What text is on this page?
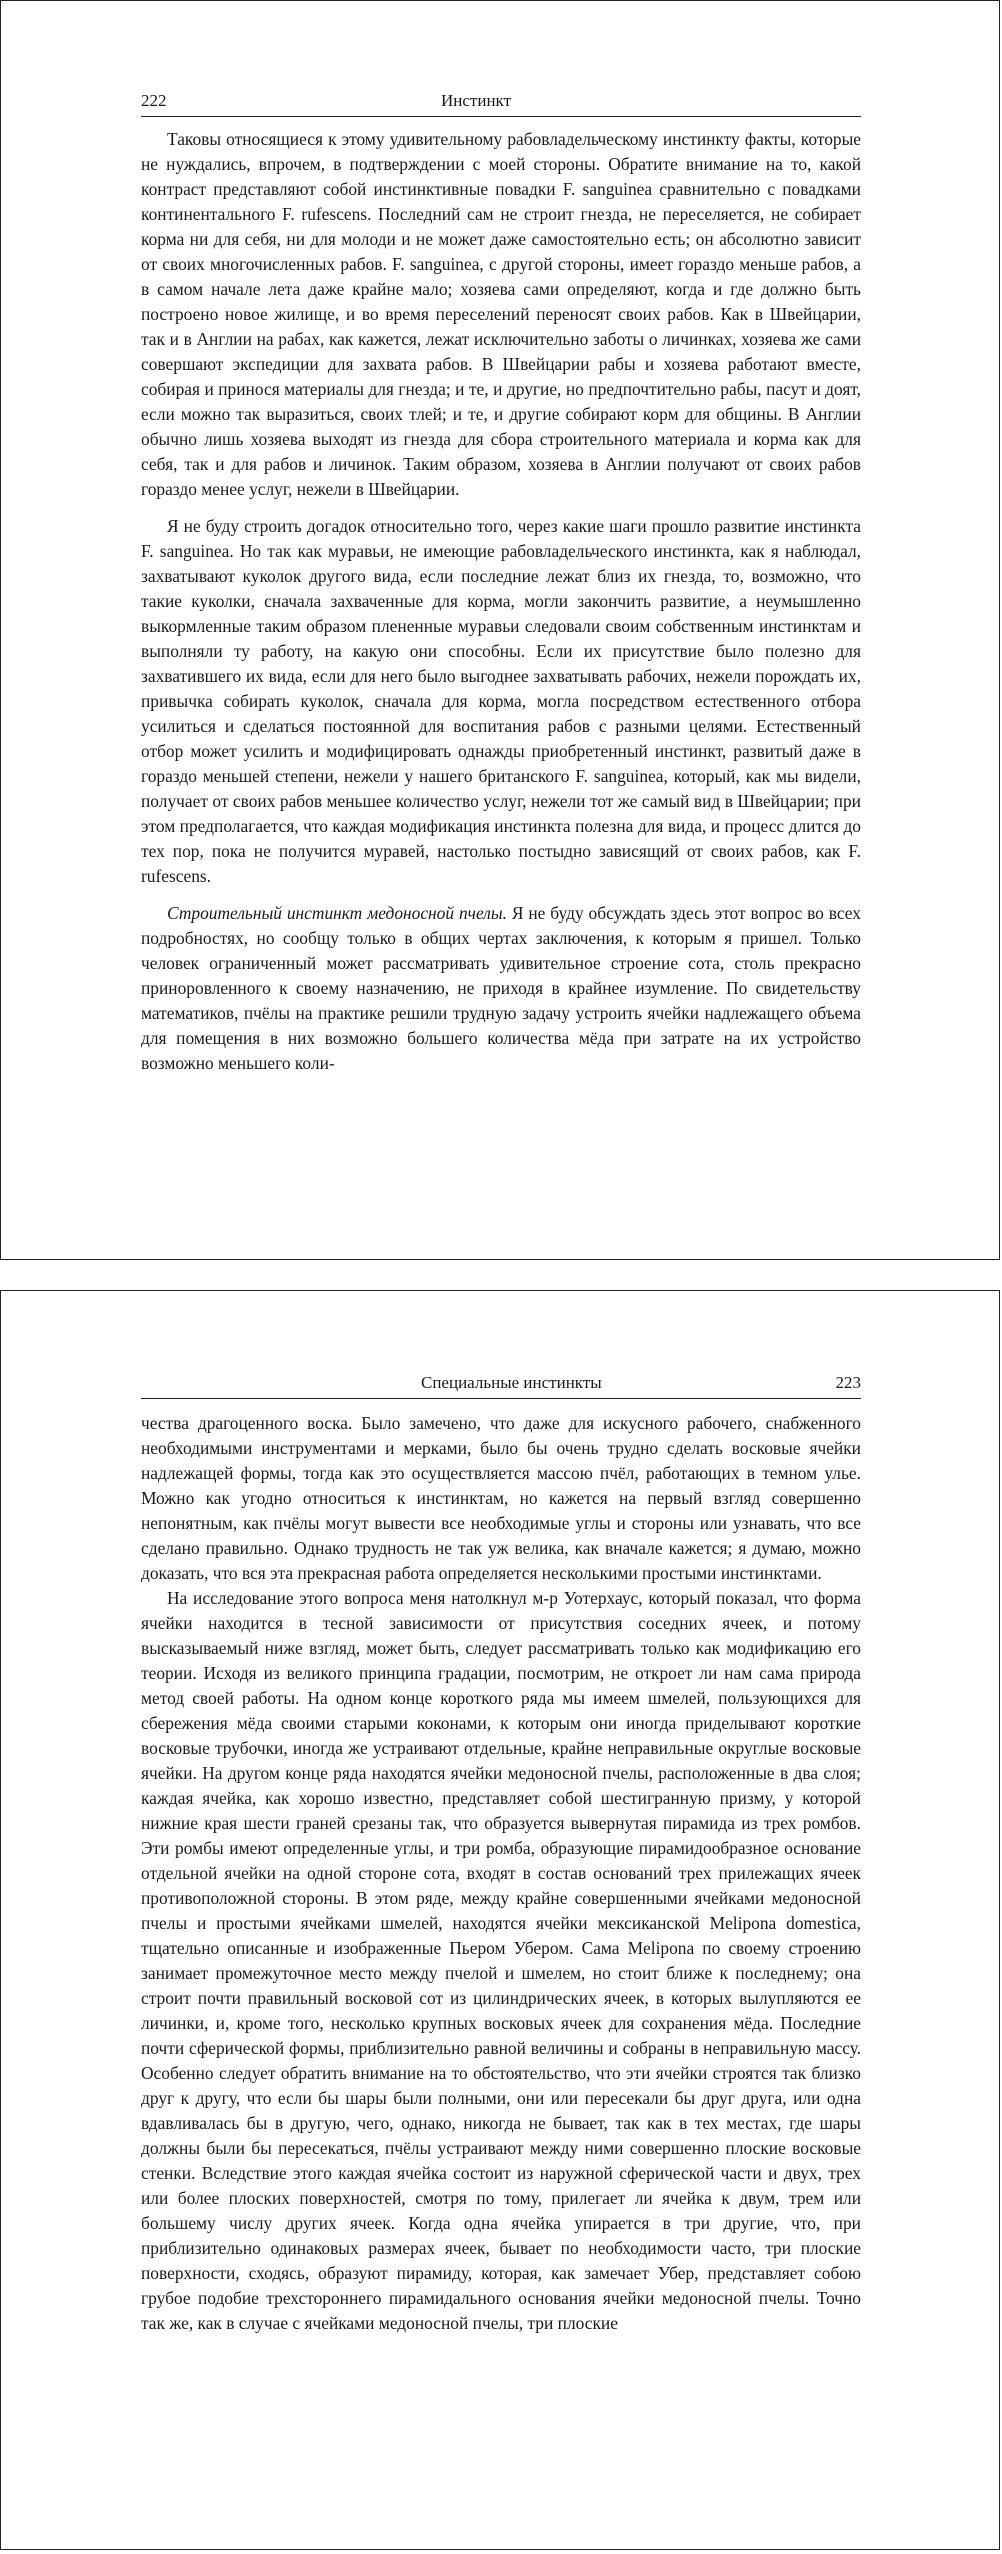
222	Инстинкт

Таковы относящиеся к этому удивительному рабовладельческому инстинкту факты, которые не нуждались, впрочем, в подтверждении с моей стороны. Обратите внимание на то, какой контраст представляют собой инстинктивные повадки F. sanguinea сравнительно с повадками континентального F. rufescens. Последний сам не строит гнезда, не переселяется, не собирает корма ни для себя, ни для молоди и не может даже самостоятельно есть; он абсолютно зависит от своих многочисленных рабов. F. sanguinea, с другой стороны, имеет гораздо меньше рабов, а в самом начале лета даже крайне мало; хозяева сами определяют, когда и где должно быть построено новое жилище, и во время переселений переносят своих рабов. Как в Швейцарии, так и в Англии на рабах, как кажется, лежат исключительно заботы о личинках, хозяева же сами совершают экспедиции для захвата рабов. В Швейцарии рабы и хозяева работают вместе, собирая и принося материалы для гнезда; и те, и другие, но предпочтительно рабы, пасут и доят, если можно так выразиться, своих тлей; и те, и другие собирают корм для общины. В Англии обычно лишь хозяева выходят из гнезда для сбора строительного материала и корма как для себя, так и для рабов и личинок. Таким образом, хозяева в Англии получают от своих рабов гораздо менее услуг, нежели в Швейцарии.

Я не буду строить догадок относительно того, через какие шаги прошло развитие инстинкта F. sanguinea. Но так как муравьи, не имеющие рабовладельческого инстинкта, как я наблюдал, захватывают куколок другого вида, если последние лежат близ их гнезда, то, возможно, что такие куколки, сначала захваченные для корма, могли закончить развитие, а неумышленно выкормленные таким образом плененные муравьи следовали своим собственным инстинктам и выполняли ту работу, на какую они способны. Если их присутствие было полезно для захватившего их вида, если для него было выгоднее захватывать рабочих, нежели порождать их, привычка собирать куколок, сначала для корма, могла посредством естественного отбора усилиться и сделаться постоянной для воспитания рабов с разными целями. Естественный отбор может усилить и модифицировать однажды приобретенный инстинкт, развитый даже в гораздо меньшей степени, нежели у нашего британского F. sanguinea, который, как мы видели, получает от своих рабов меньшее количество услуг, нежели тот же самый вид в Швейцарии; при этом предполагается, что каждая модификация инстинкта полезна для вида, и процесс длится до тех пор, пока не получится муравей, настолько постыдно зависящий от своих рабов, как F. rufescens.

Строительный инстинкт медоносной пчелы. Я не буду обсуждать здесь этот вопрос во всех подробностях, но сообщу только в общих чертах заключения, к которым я пришел. Только человек ограниченный может рассматривать удивительное строение сота, столь прекрасно приноровленного к своему назначению, не приходя в крайнее изумление. По свидетельству математиков, пчёлы на практике решили трудную задачу устроить ячейки надлежащего объема для помещения в них возможно большего количества мёда при затрате на их устройство возможно меньшего коли-

Специальные инстинкты	223

чества драгоценного воска. Было замечено, что даже для искусного рабочего, снабженного необходимыми инструментами и мерками, было бы очень трудно сделать восковые ячейки надлежащей формы, тогда как это осуществляется массою пчёл, работающих в темном улье. Можно как угодно относиться к инстинктам, но кажется на первый взгляд совершенно непонятным, как пчёлы могут вывести все необходимые углы и стороны или узнавать, что все сделано правильно. Однако трудность не так уж велика, как вначале кажется; я думаю, можно доказать, что вся эта прекрасная работа определяется несколькими простыми инстинктами.

На исследование этого вопроса меня натолкнул м-р Уотерхаус, который показал, что форма ячейки находится в тесной зависимости от присутствия соседних ячеек, и потому высказываемый ниже взгляд, может быть, следует рассматривать только как модификацию его теории. Исходя из великого принципа градации, посмотрим, не откроет ли нам сама природа метод своей работы. На одном конце короткого ряда мы имеем шмелей, пользующихся для сбережения мёда своими старыми коконами, к которым они иногда приделывают короткие восковые трубочки, иногда же устраивают отдельные, крайне неправильные округлые восковые ячейки. На другом конце ряда находятся ячейки медоносной пчелы, расположенные в два слоя; каждая ячейка, как хорошо известно, представляет собой шестигранную призму, у которой нижние края шести граней срезаны так, что образуется вывернутая пирамида из трех ромбов. Эти ромбы имеют определенные углы, и три ромба, образующие пирамидообразное основание отдельной ячейки на одной стороне сота, входят в состав оснований трех прилежащих ячеек противоположной стороны. В этом ряде, между крайне совершенными ячейками медоносной пчелы и простыми ячейками шмелей, находятся ячейки мексиканской Melipona domestica, тщательно описанные и изображенные Пьером Убером. Сама Melipona по своему строению занимает промежуточное место между пчелой и шмелем, но стоит ближе к последнему; она строит почти правильный восковой сот из цилиндрических ячеек, в которых вылупляются ее личинки, и, кроме того, несколько крупных восковых ячеек для сохранения мёда. Последние почти сферической формы, приблизительно равной величины и собраны в неправильную массу. Особенно следует обратить внимание на то обстоятельство, что эти ячейки строятся так близко друг к другу, что если бы шары были полными, они или пересекали бы друг друга, или одна вдавливалась бы в другую, чего, однако, никогда не бывает, так как в тех местах, где шары должны были бы пересекаться, пчёлы устраивают между ними совершенно плоские восковые стенки. Вследствие этого каждая ячейка состоит из наружной сферической части и двух, трех или более плоских поверхностей, смотря по тому, прилегает ли ячейка к двум, трем или большему числу других ячеек. Когда одна ячейка упирается в три другие, что, при приблизительно одинаковых размерах ячеек, бывает по необходимости часто, три плоские поверхности, сходясь, образуют пирамиду, которая, как замечает Убер, представляет собою грубое подобие трехстороннего пирамидального основания ячейки медоносной пчелы. Точно так же, как в случае с ячейками медоносной пчелы, три плоские
